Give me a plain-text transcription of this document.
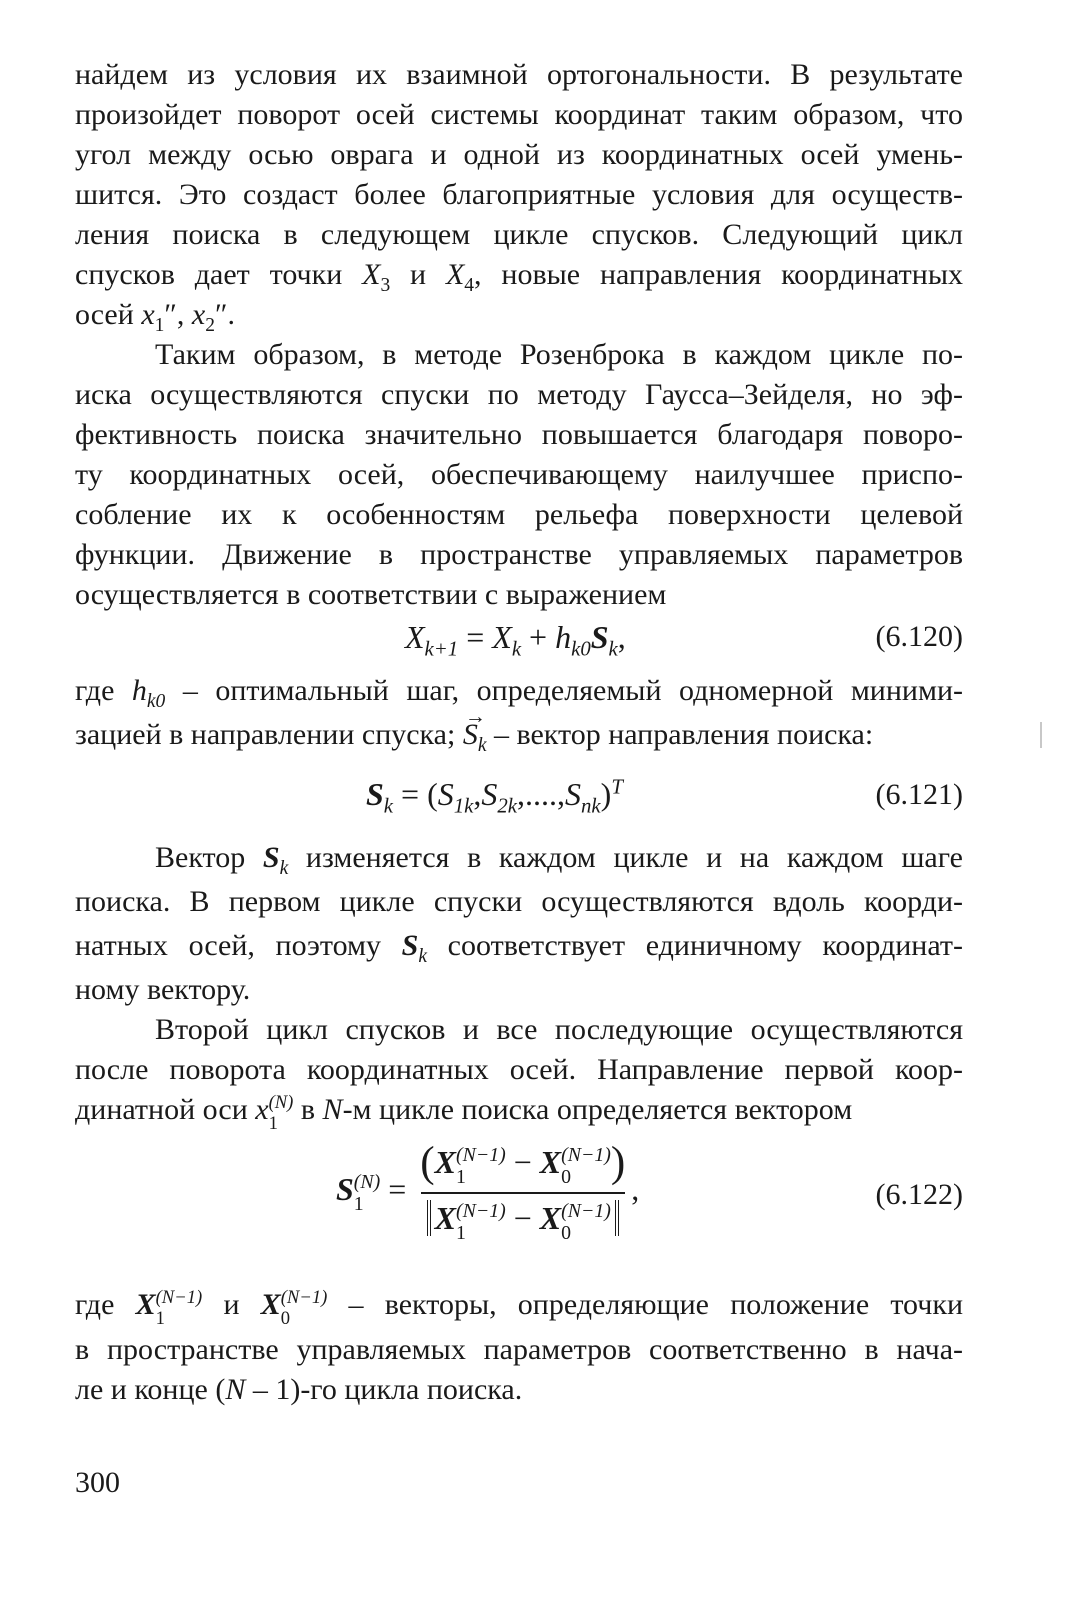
найдем из условия их взаимной ортогональности. В результате
произойдет поворот осей системы координат таким образом, что
угол между осью оврага и одной из координатных осей умень-
шится. Это создаст более благоприятные условия для осуществ-
ления поиска в следующем цикле спусков. Следующий цикл
спусков дает точки $X_3$ и $X_4$, новые направления координатных
осей $x_1''$, $x_2''$.
Таким образом, в методе Розенброка в каждом цикле по-
иска осуществляются спуски по методу Гаусса–Зейделя, но эф-
фективность поиска значительно повышается благодаря поворо-
ту координатных осей, обеспечивающему наилучшее приспо-
собление их к особенностям рельефа поверхности целевой
функции. Движение в пространстве управляемых параметров
осуществляется в соответствии с выражением
$X_{k+1} = X_k + h_{k0}S_k$,	(6.120)
где $h_{k0}$ – оптимальный шаг, определяемый одномерной миними-
зацией в направлении спуска; → $S_k$ – вектор направления поиска:
$S_k = (S_{1k},S_{2k},....,S_{nk})^T$	(6.121)
Вектор $S_k$ изменяется в каждом цикле и на каждом шаге
поиска. В первом цикле спуски осуществляются вдоль коорди-
натных осей, поэтому $S_k$ соответствует единичному координат-
ному вектору.
Второй цикл спусков и все последующие осуществляются
после поворота координатных осей. Направление первой коор-
динатной оси x (N)
1 в N-м цикле поиска определяется вектором
S (N)
1 = (X (N−1)
1	− X (N−1)
0 )
X (N−1)
1	− X (N−1)
0 ,	(6.122)
где X (N−1)
1	и X (N−1)
0	– векторы, определяющие положение точки
в пространстве управляемых параметров соответственно в нача-
ле и конце (N – 1)-го цикла поиска.
300
